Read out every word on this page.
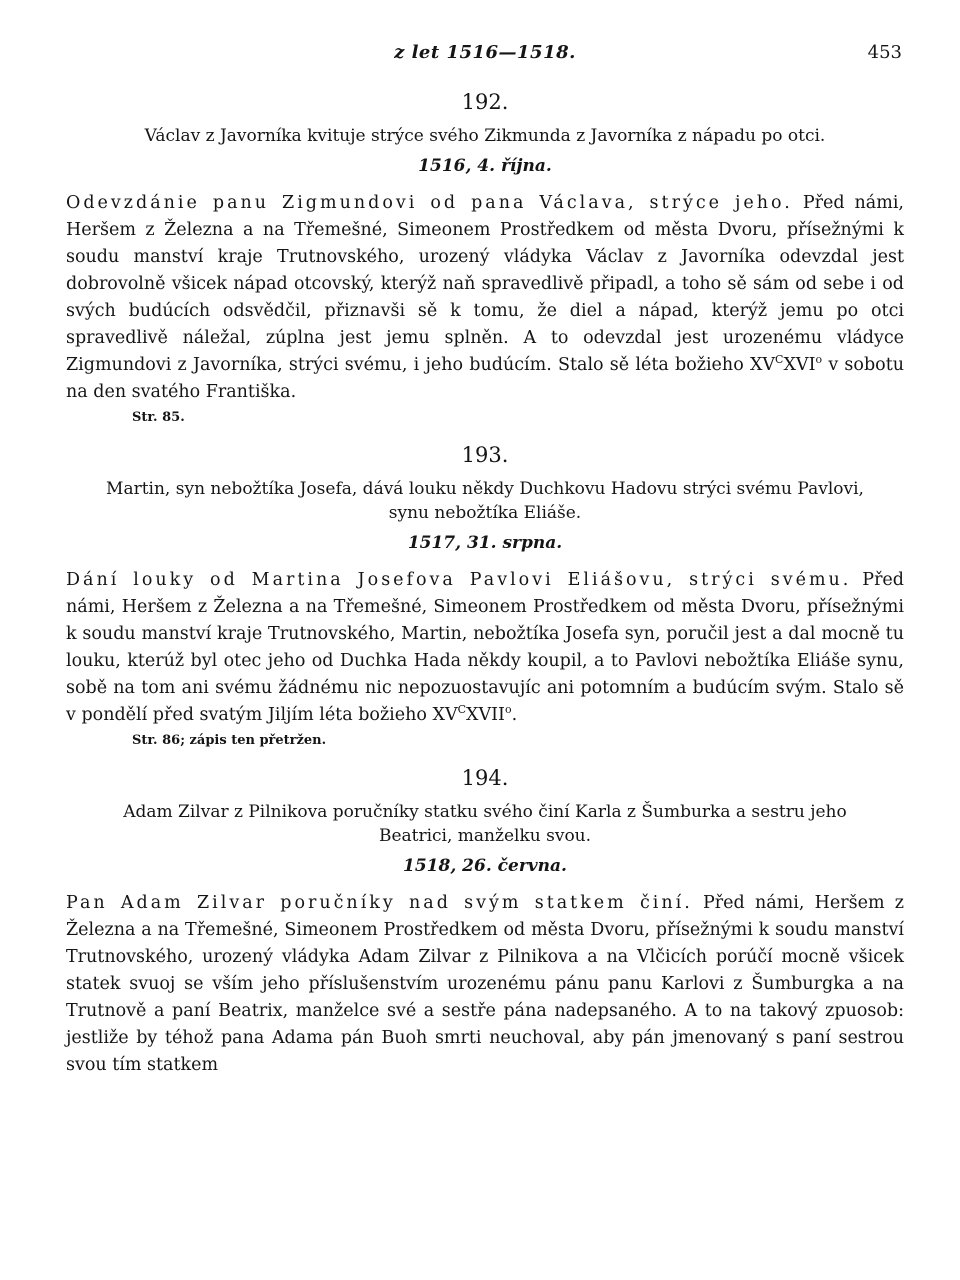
z let 1516—1518.	453
192.
Václav z Javorníka kvituje strýce svého Zikmunda z Javorníka z nápadu po otci.
1516, 4. října.

Odevzdánie panu Zigmundovi od pana Václava, strýce jeho. Před námi, Heršem z Železna a na Třemešné, Simeonem Prostředkem od města Dvoru, přísežnými k soudu manství kraje Trutnovského, urozený vládyka Václav z Javorníka odevzdal jest dobrovolně všicek nápad otcovský, kterýž naň spravedlivě připadl, a toho sě sám od sebe i od svých budúcích odsvědčil, přiznavši sě k tomu, že diel a nápad, kterýž jemu po otci spravedlivě náležal, zúplna jest jemu splněn. A to odevzdal jest urozenému vládyce Zigmundovi z Javorníka, strýci svému, i jeho budúcím. Stalo sě léta božieho $XV^CXVI^o$ v sobotu na den svatého Františka.

Str. 85.
193.
Martin, syn nebožtíka Josefa, dává louku někdy Duchkovu Hadovu strýci svému Pavlovi,
synu nebožtíka Eliáše.
1517, 31. srpna.

Dání louky od Martina Josefova Pavlovi Eliášovu, strýci svému. Před námi, Heršem z Železna a na Třemešné, Simeonem Prostředkem od města Dvoru, přísežnými k soudu manství kraje Trutnovského, Martin, nebožtíka Josefa syn, poručil jest a dal mocně tu louku, kterúž byl otec jeho od Duchka Hada někdy koupil, a to Pavlovi nebožtíka Eliáše synu, sobě na tom ani svému žádnému nic nepozuostavujíc ani potomním a budúcím svým. Stalo sě v pondělí před svatým Jiljím léta božieho $XV^CXVII^o$.

Str. 86; zápis ten přetržen.
194.
Adam Zilvar z Pilnikova poručníky statku svého činí Karla z Šumburka a sestru jeho
Beatrici, manželku svou.
1518, 26. června.

Pan Adam Zilvar poručníky nad svým statkem činí. Před námi, Heršem z Železna a na Třemešné, Simeonem Prostředkem od města Dvoru, přísežnými k soudu manství Trutnovského, urozený vládyka Adam Zilvar z Pilnikova a na Vlčicích porúčí mocně všicek statek svuoj se vším jeho příslušenstvím urozenému pánu panu Karlovi z Šumburgka a na Trutnově a paní Beatrix, manželce své a sestře pána nadepsaného. A to na takový zpuosob: jestliže by téhož pana Adama pán Buoh smrti neuchoval, aby pán jmenovaný s paní sestrou svou tím statkem
